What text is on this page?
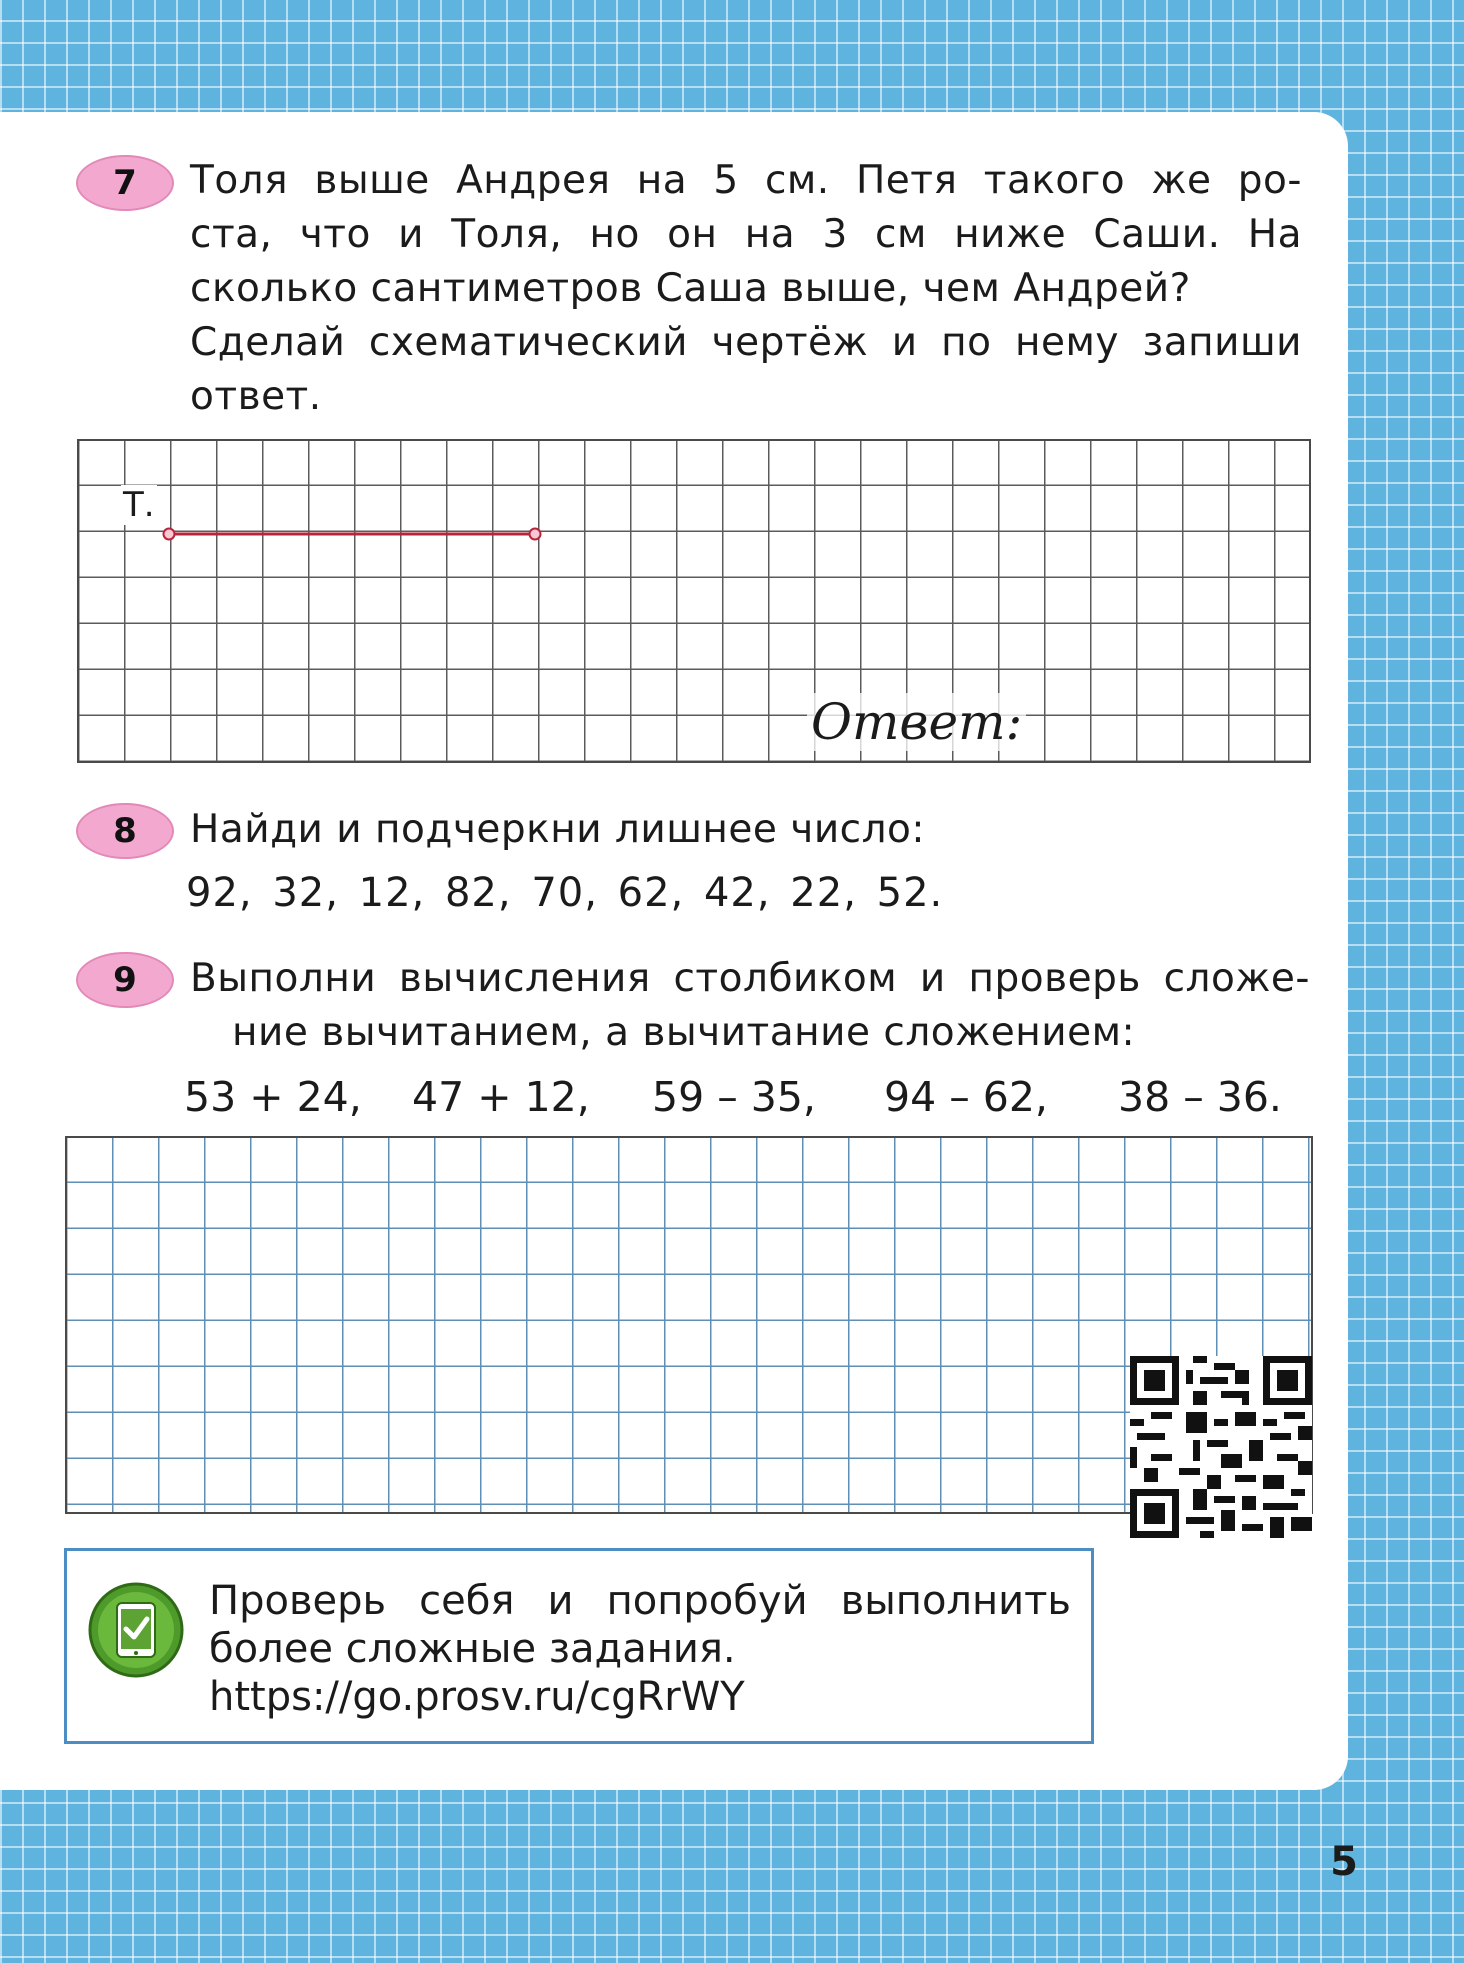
7 Толя выше Андрея на 5 см. Петя такого же ро-
ста, что и Толя, но он на 3 см ниже Саши. На
сколько сантиметров Саша выше, чем Андрей?
Сделай схематический чертёж и по нему запиши
ответ.
Т.
Ответ:
8 Найди и подчеркни лишнее число:
92, 32, 12, 82, 70, 62, 42, 22, 52.
9 Выполни вычисления столбиком и проверь сложе-
ние вычитанием, а вычитание сложением:
53 + 24, 47 + 12, 59 – 35, 94 – 62, 38 – 36.
Проверь себя и попробуй выполнить
более сложные задания.
https://go.prosv.ru/cgRrWY
5
